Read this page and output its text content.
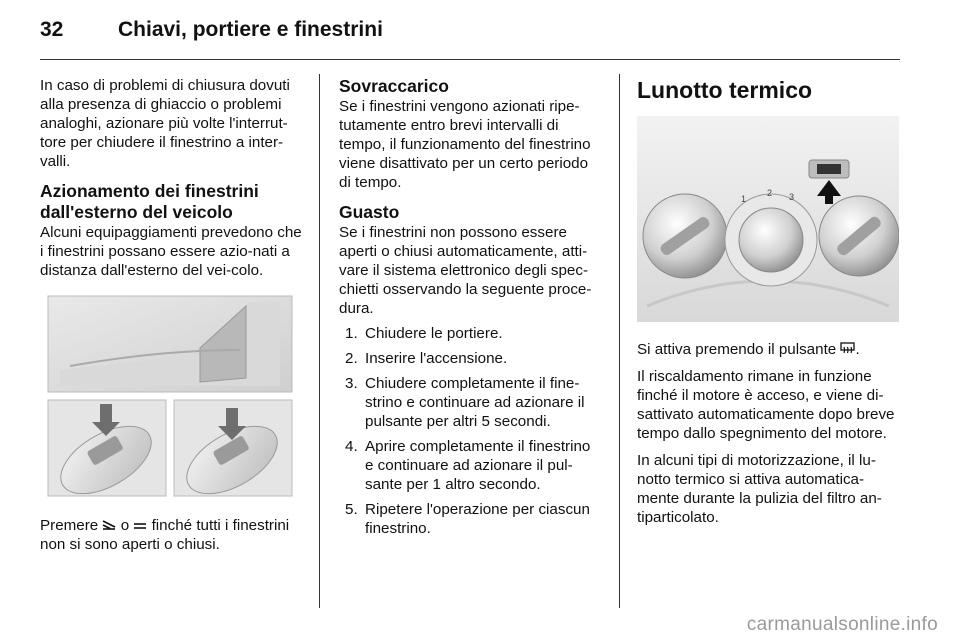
32	Chiavi, portiere e finestrini

In caso di problemi di chiusura dovuti alla presenza di ghiaccio o problemi analoghi, azionare più volte l'interrut-tore per chiudere il finestrino a inter-valli.

Azionamento dei finestrini dall'esterno del veicolo

Alcuni equipaggiamenti prevedono che i finestrini possano essere azio-nati a distanza dall'esterno del vei-colo.

Premere  o  finché tutti i finestrini non si sono aperti o chiusi.

Sovraccarico

Se i finestrini vengono azionati ripe-tutamente entro brevi intervalli di tempo, il funzionamento del finestrino viene disattivato per un certo periodo di tempo.

Guasto

Se i finestrini non possono essere aperti o chiusi automaticamente, atti-vare il sistema elettronico degli spec-chietti osservando la seguente proce-dura.

1. Chiudere le portiere.
2. Inserire l'accensione.
3. Chiudere completamente il fine-strino e continuare ad azionare il pulsante per altri 5 secondi.
4. Aprire completamente il finestrino e continuare ad azionare il pul-sante per 1 altro secondo.
5. Ripetere l'operazione per ciascun finestrino.
Lunotto termico
1
2 3

Si attiva premendo il pulsante .

Il riscaldamento rimane in funzione finché il motore è acceso, e viene di-sattivato automaticamente dopo breve tempo dallo spegnimento del motore.

In alcuni tipi di motorizzazione, il lu-notto termico si attiva automatica-mente durante la pulizia del filtro an-tiparticolato.

carmanualsonline.info
